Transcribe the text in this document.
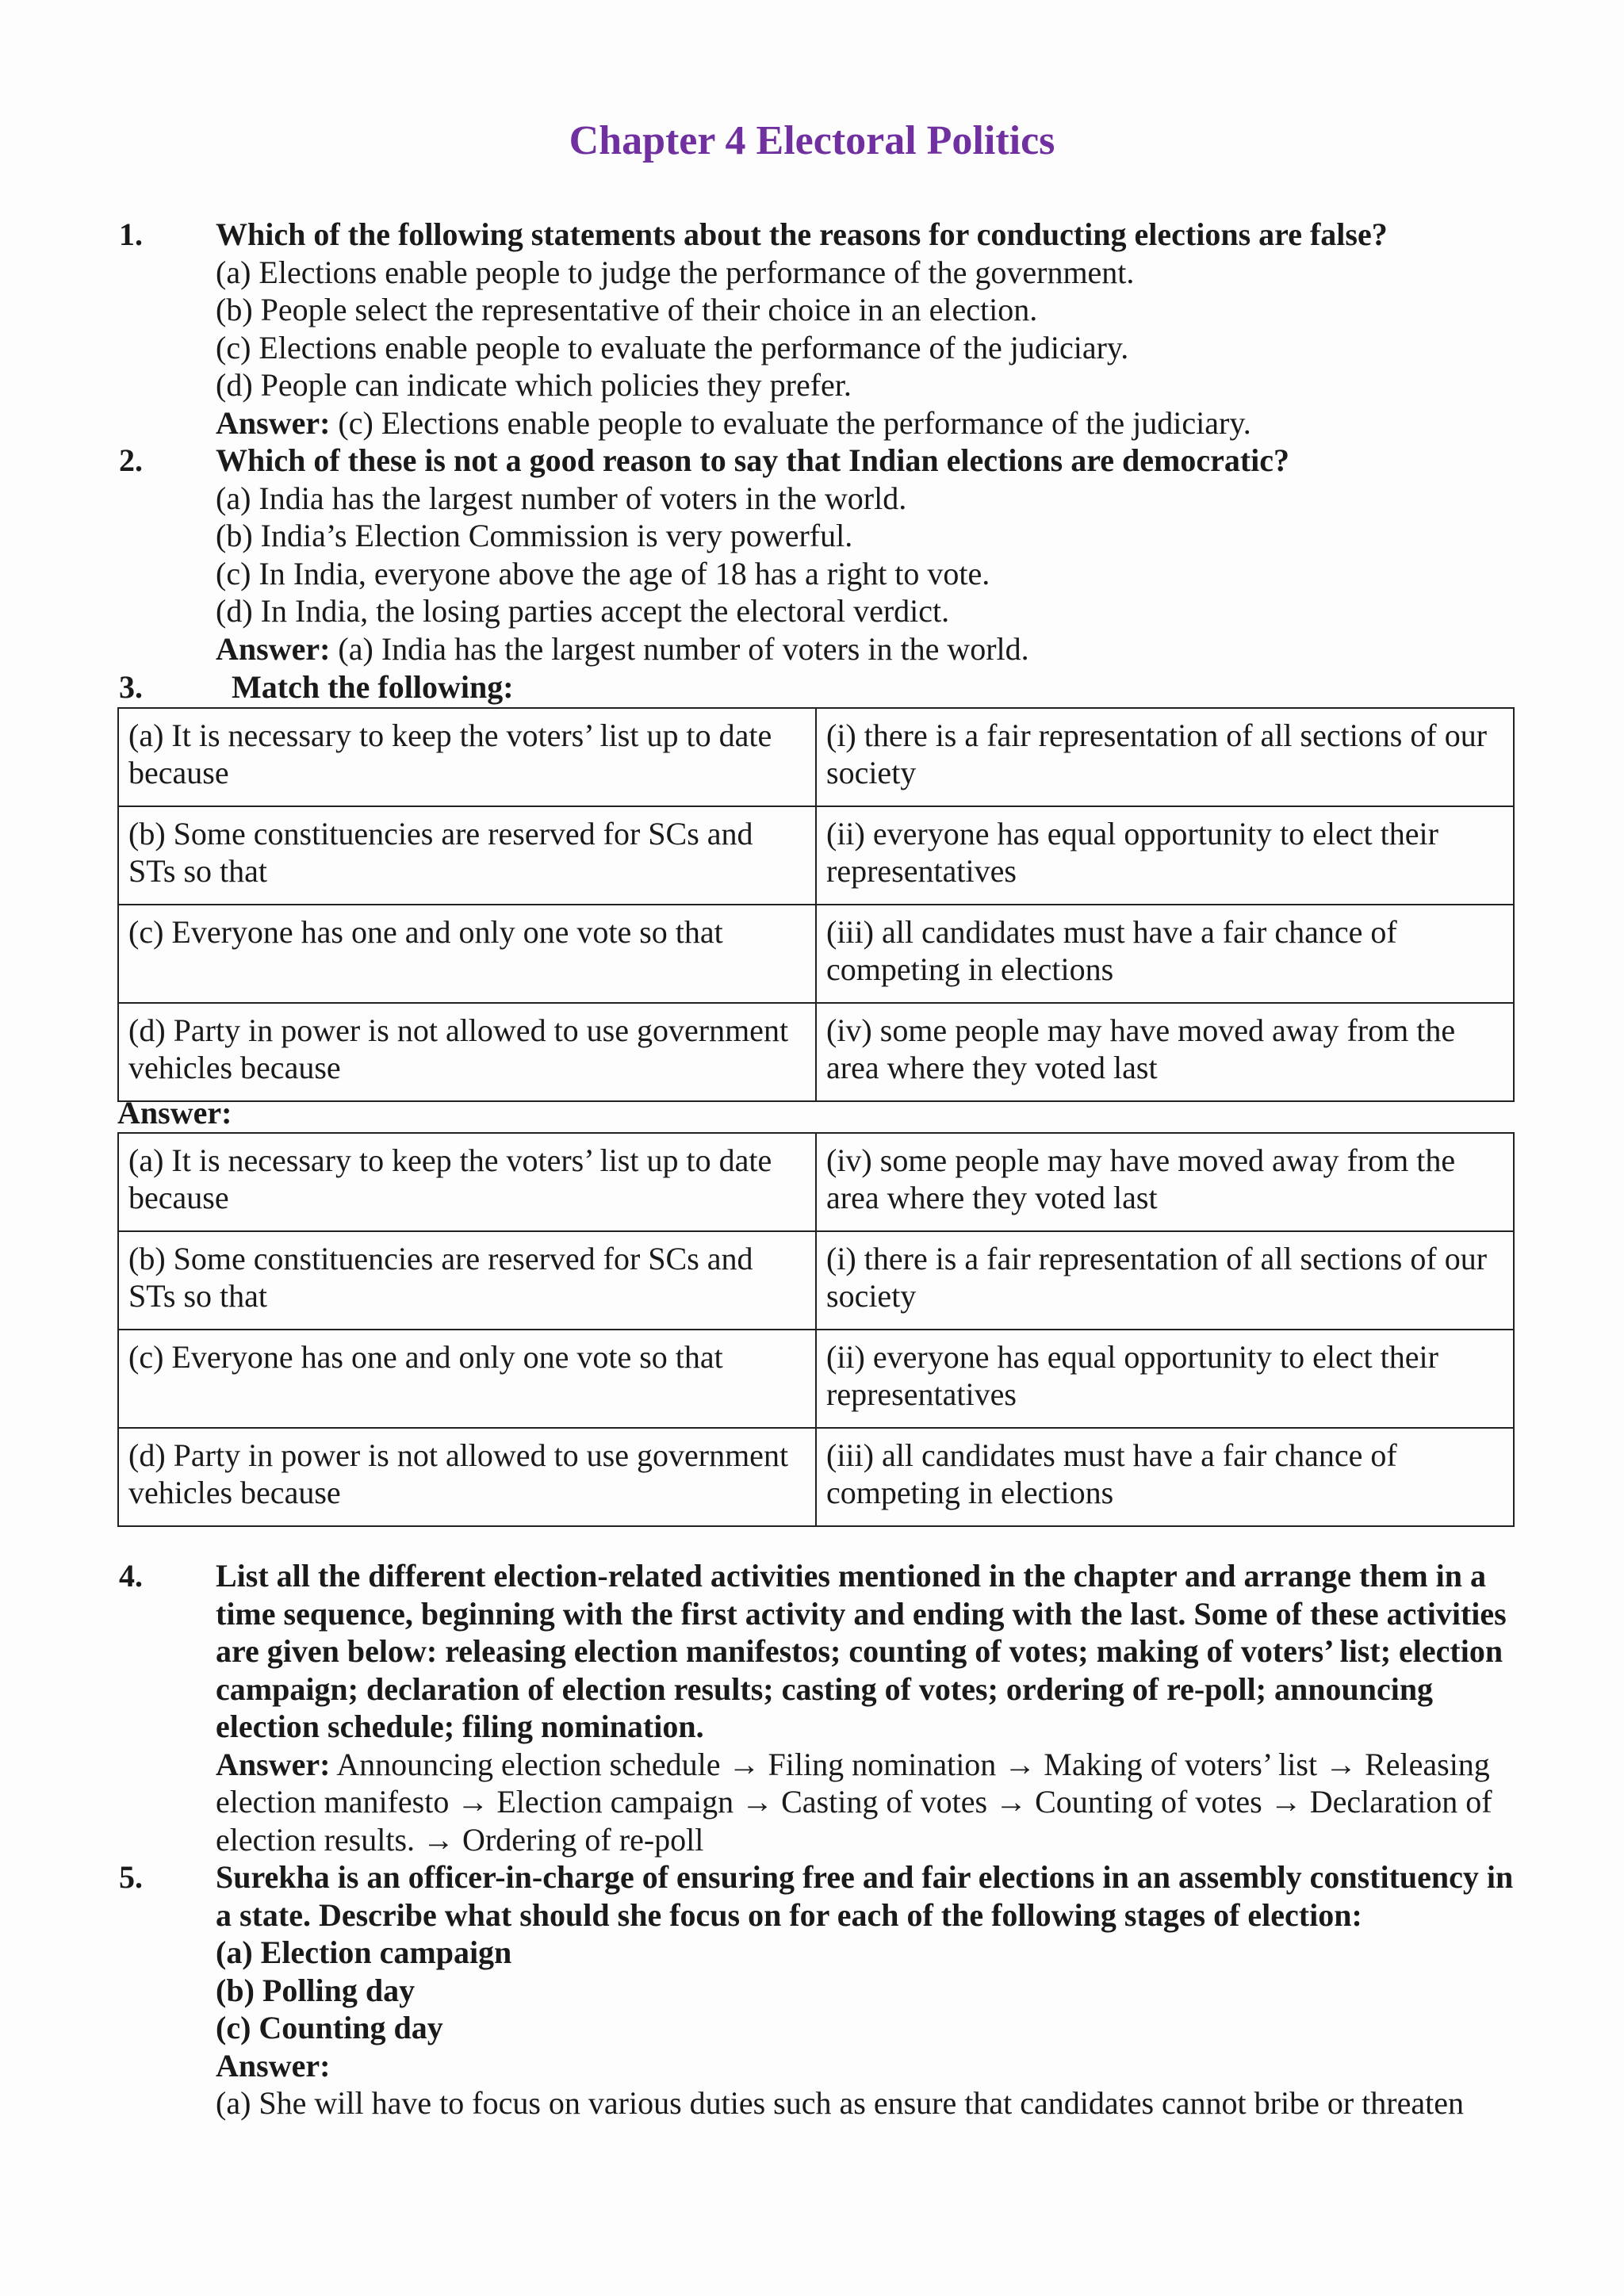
Chapter 4 Electoral Politics
1. Which of the following statements about the reasons for conducting elections are false?
(a) Elections enable people to judge the performance of the government.
(b) People select the representative of their choice in an election.
(c) Elections enable people to evaluate the performance of the judiciary.
(d) People can indicate which policies they prefer.
Answer: (c) Elections enable people to evaluate the performance of the judiciary.
2. Which of these is not a good reason to say that Indian elections are democratic?
(a) India has the largest number of voters in the world.
(b) India’s Election Commission is very powerful.
(c) In India, everyone above the age of 18 has a right to vote.
(d) In India, the losing parties accept the electoral verdict.
Answer: (a) India has the largest number of voters in the world.
3.	Match the following:
(a) It is necessary to keep the voters’ list up to date because	(i) there is a fair representation of all sections of our society
(b) Some constituencies are reserved for SCs and STs so that	(ii) everyone has equal opportunity to elect their representatives
(c) Everyone has one and only one vote so that	(iii) all candidates must have a fair chance of competing in elections
(d) Party in power is not allowed to use government vehicles because	(iv) some people may have moved away from the area where they voted last
Answer:
(a) It is necessary to keep the voters’ list up to date because	(iv) some people may have moved away from the area where they voted last
(b) Some constituencies are reserved for SCs and STs so that	(i) there is a fair representation of all sections of our society
(c) Everyone has one and only one vote so that	(ii) everyone has equal opportunity to elect their representatives
(d) Party in power is not allowed to use government vehicles because	(iii) all candidates must have a fair chance of competing in elections
4. List all the different election-related activities mentioned in the chapter and arrange them in a time sequence, beginning with the first activity and ending with the last. Some of these activities are given below: releasing election manifestos; counting of votes; making of voters’ list; election campaign; declaration of election results; casting of votes; ordering of re-poll; announcing election schedule; filing nomination.
Answer: Announcing election schedule → Filing nomination → Making of voters’ list → Releasing election manifesto → Election campaign → Casting of votes → Counting of votes → Declaration of election results. → Ordering of re-poll
5. Surekha is an officer-in-charge of ensuring free and fair elections in an assembly constituency in a state. Describe what should she focus on for each of the following stages of election:
(a) Election campaign
(b) Polling day
(c) Counting day
Answer:
(a) She will have to focus on various duties such as ensure that candidates cannot bribe or threaten
